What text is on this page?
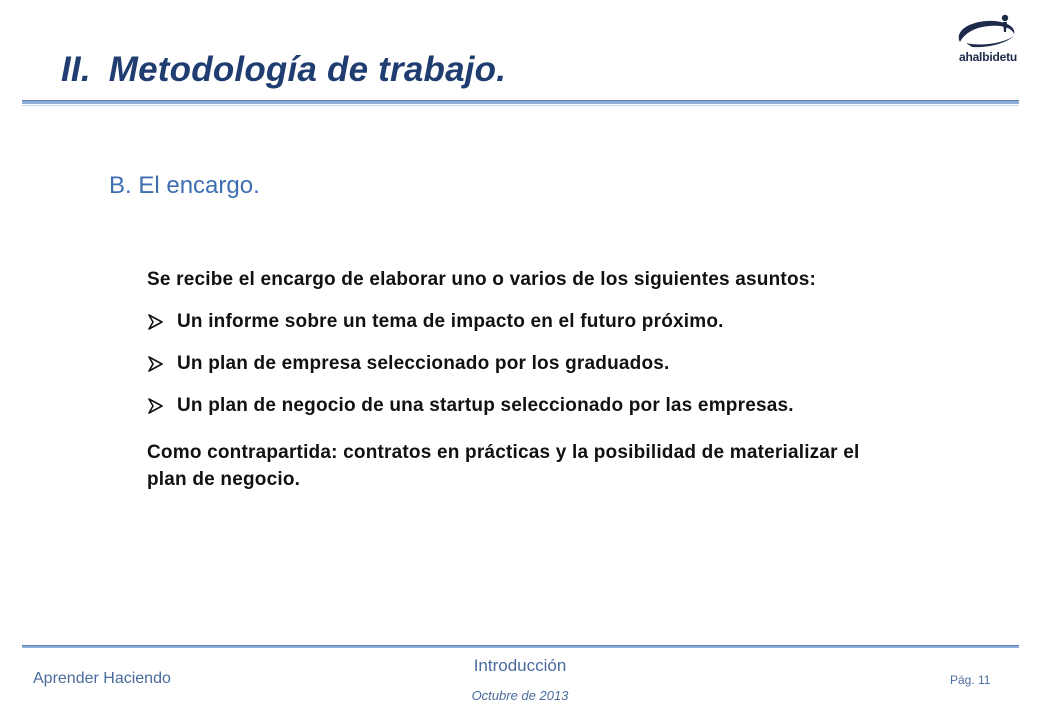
II. Metodología de trabajo.	ahalbidetu
B. El encargo.

Se recibe el encargo de elaborar uno o varios de los siguientes asuntos:

Un informe sobre un tema de impacto en el futuro próximo.
Un plan de empresa seleccionado por los graduados.
Un plan de negocio de una startup seleccionado por las empresas.

Como contrapartida: contratos en prácticas y la posibilidad de materializar el plan de negocio.

Aprender Haciendo
Introducción
Octubre de 2013
Pág. 11
